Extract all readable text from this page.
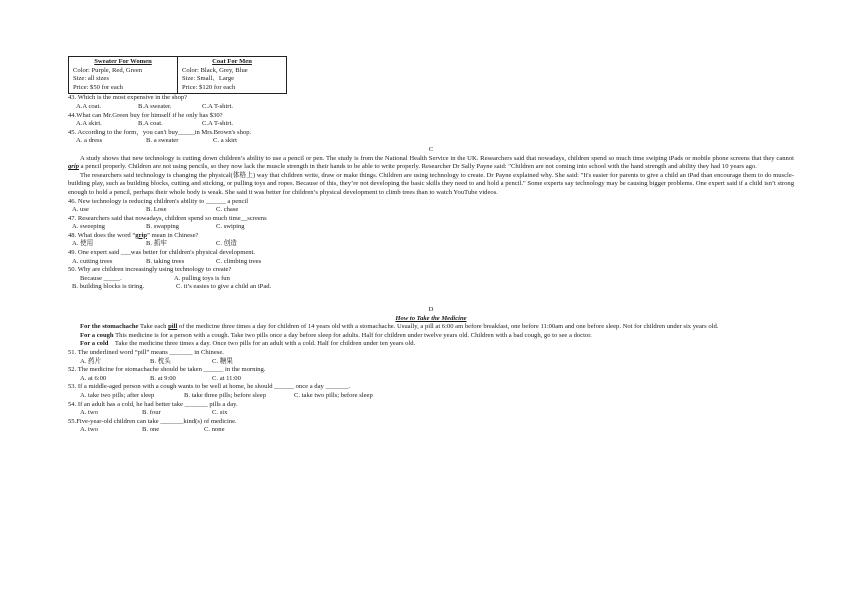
Sweater For Women
Color: Purple, Red, Green
Size: all sizes
Price: $50 for each

Coat For Men
Color: Black, Grey, Blue
Size: Small、Large
Price: $120 for each
43. Which is the most expensive in the shop?
A.A coat.	B.A sweater.	C.A T-shirt.
44.What can Mr.Green buy for himself if he only has $30?
A.A skirt.	B.A coat.	C.A T-shirt.
45. According to the form，you can't buy_____in Mrs.Brown's shop.
A. a dress	B. a sweater	C. a skirt
C
A study shows that new technology is cutting down children’s ability to use a pencil or pen. The study is from the National Health Service in the UK. Researchers said that nowadays, children spend so much time swiping iPads or mobile phone screens that they cannot grip a pencil properly. Children are not using pencils, so they now lack the muscle strength in their hands to be able to write properly. Researcher Dr Sally Payne said: "Children are not coming into school with the hand strength and ability they had 10 years ago.
The researchers said technology is changing the physical(体格上) way that children write, draw or make things. Children are using technology to create. Dr Payne explained why. She said: "It's easier for parents to give a child an iPad than encourage them to do muscle-building play, such as building blocks, cutting and sticking, or pulling toys and ropes. Because of this, they’re not developing the basic skills they need to and hold a pencil." Some experts say technology may be causing bigger problems. One expert said if a child isn’t strong enough to hold a pencil, perhaps their whole body is weak. She said it was better for children’s physical development to climb trees than to watch YouTube videos.
46. New technology is reducing children's ability to ______ a pencil
A. use	B. Lose	C. chase
47. Researchers said that nowadays, children spend so much time__screens
A. sweeping	B. swapping	C. swiping
48. What does the word “grip” mean in Chinese?
A. 使用	B. 抓牢	C. 创造
49. One expert said ___was better for children's physical development.
A. cutting trees	B. taking trees	C. climbing trees
50. Why are children increasingly using technology to create?
Because _____.	A. pulling toys is fun
B. building blocks is tiring.	C. it’s easies to give a child an iPad.
D
How to Take the Medicine
For the stomachache Take each pill of the medicine three times a day for children of 14 years old with a stomachache. Usually, a pill at 6:00 am before breakfast, one before 11:00am and one before sleep. Not for children under six years old.
For a cough This medicine is for a person with a cough. Take two pills once a day before sleep for adults. Half for children under twelve years old. Children with a bad cough, go to see a doctor.
For a cold    Take the medicine three times a day. Once two pills for an adult with a cold. Half for children under ten years old.
51. The underlined word “pill” means _______ in Chinese.
A. 药片	B. 枕头	C. 糖果
52. The medicine for stomachache should be taken ______ in the morning.
A. at 6:00	B. at 9:00	C. at 11:00
53. If a middle-aged person with a cough wants to be well at home, he should ______ once a day _______.
A. take two pills; after sleep	B. take three pills; before sleep	C. take two pills; before sleep
54. If an adult has a cold, he had better take _______ pills a day.
A. two	B. four	C. six
55.Five-year-old children can take _______kind(s) of medicine.
A. two	B. one	C. none
